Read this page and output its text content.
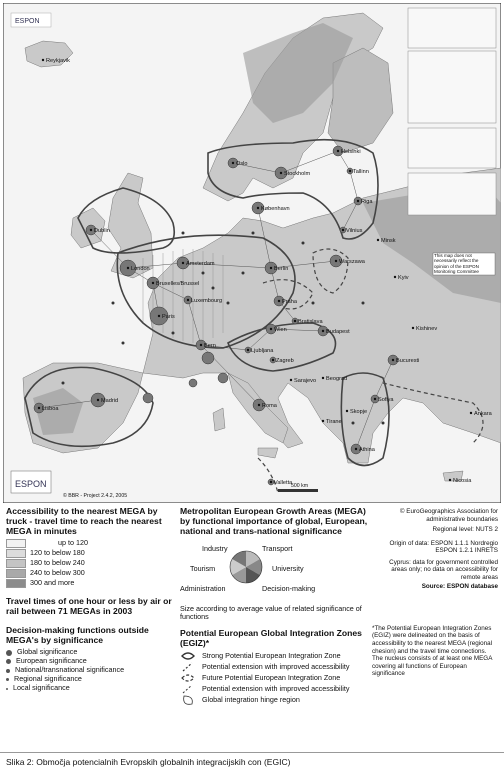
Reykjavik
Oslo
Stockholm
Helsinki
Tallinn
Riga
Vilnius
Minsk
Dublin
København
London
Amsterdam
Berlin
Warszawa
Kyiv
Bruxelles/Brussel
Luxembourg
Paris
Praha
Bratislava
Wien	Budapest	Kishinev
Bern
Ljubljana
Zagreb	Bucuresti
Sarajevo Beograd
Lisboa
Madrid
Roma
Sofiya
Skopje
Tirane
Ankara
Athina
Valletta	Nicosia
This map does not necessarily reflect the opinion of the ESPON Monitoring Committee
ESPON
ESPON
500 km
© BBR - Project 2.4.2, 2005
Accessibility to the nearest MEGA by truck - travel time to reach the nearest MEGA in minutes
up to 120
120 to below 180
180 to below 240
240 to below 300
300 and more
Travel times of one hour or less by air or rail between 71 MEGAs in 2003
Decision-making functions outside MEGA's by significance
Global significance
European significance
National/transnational significance
Regional significance
Local significance
Metropolitan European Growth Areas (MEGA) by functional importance of global, European, national and trans-national significance
Industry	Transport
University
Decision-making
Administration
Tourism
Size according to average value of related significance of functions
Potential European Global Integration Zones (EGIZ)*
Strong Potential European Integration Zone
Potential extension with improved accessibility
Future Potential European Integration Zone
Potential extension with improved accessibility
Global integration hinge region
© EuroGeographics Association for administrative boundaries
Regional level: NUTS 2
Origin of data: ESPON 1.1.1 Nordregio ESPON 1.2.1 INRETS
Cyprus: data for government controlled areas only; no data on accessibility for remote areas
Source: ESPON database
*The Potential European Integration Zones (EGIZ) were delineated on the basis of accessibility to the nearest MEGA (regional chesion) and the travel time connections. The nucleus consists of at least one MEGA covering all functions of European significance
Slika 2: Območja potencialnih Evropskih globalnih integracijskih con (EGIC)
